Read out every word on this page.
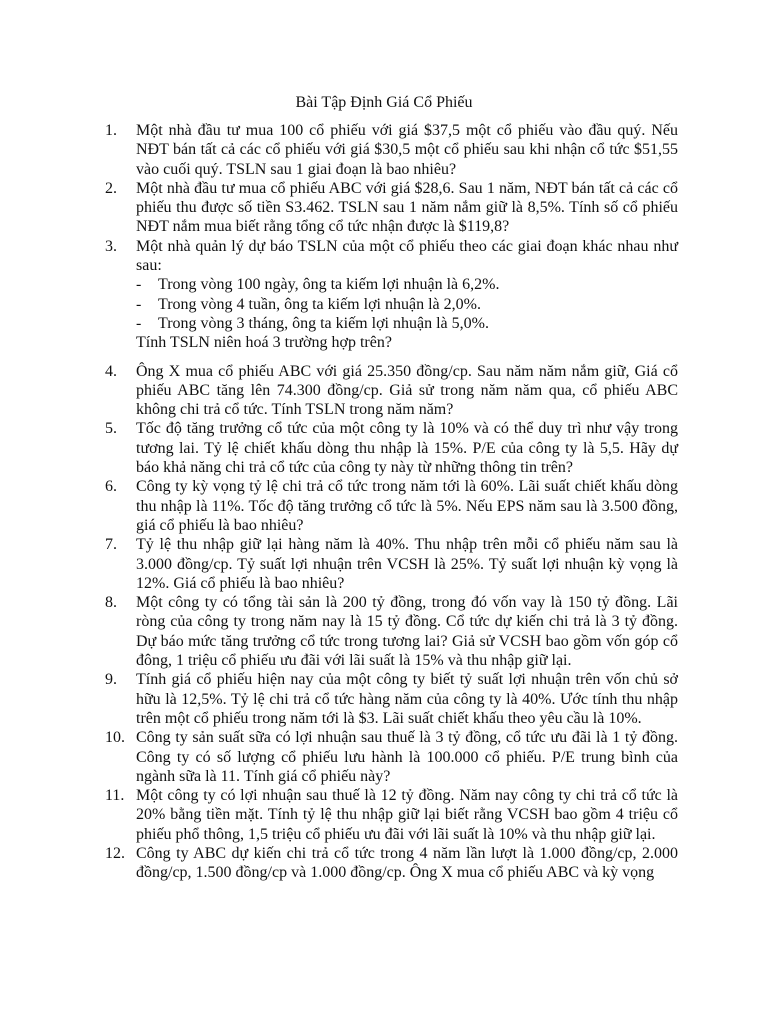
Bài Tập Định Giá Cổ Phiếu
1.	Một nhà đầu tư mua 100 cổ phiếu với giá $37,5 một cổ phiếu vào đầu quý. Nếu NĐT bán tất cả các cổ phiếu với giá $30,5 một cổ phiếu sau khi nhận cổ tức $51,55 vào cuối quý. TSLN sau 1 giai đoạn là bao nhiêu?
2.	Một nhà đầu tư mua cổ phiếu ABC với giá $28,6. Sau 1 năm, NĐT bán tất cả các cổ phiếu thu được số tiền S3.462. TSLN sau 1 năm nắm giữ là 8,5%. Tính số cổ phiếu NĐT nắm mua biết rằng tổng cổ tức nhận được là $119,8?
3.	Một nhà quản lý dự báo TSLN của một cổ phiếu theo các giai đoạn khác nhau như sau:
- Trong vòng 100 ngày, ông ta kiếm lợi nhuận là 6,2%.
- Trong vòng 4 tuần, ông ta kiếm lợi nhuận là 2,0%.
- Trong vòng 3 tháng, ông ta kiếm lợi nhuận là 5,0%.
Tính TSLN niên hoá 3 trường hợp trên?
4.	Ông X mua cổ phiếu ABC với giá 25.350 đồng/cp. Sau năm năm nắm giữ, Giá cổ phiếu ABC tăng lên 74.300 đồng/cp. Giả sử trong năm năm qua, cổ phiếu ABC không chi trả cổ tức. Tính TSLN trong năm năm?
5.	Tốc độ tăng trưởng cổ tức của một công ty là 10% và có thể duy trì như vậy trong tương lai. Tỷ lệ chiết khấu dòng thu nhập là 15%. P/E của công ty là 5,5. Hãy dự báo khả năng chi trả cổ tức của công ty này từ những thông tin trên?
6.	Công ty kỳ vọng tỷ lệ chi trả cổ tức trong năm tới là 60%. Lãi suất chiết khấu dòng thu nhập là 11%. Tốc độ tăng trưởng cổ tức là 5%. Nếu EPS năm sau là 3.500 đồng, giá cổ phiếu là bao nhiêu?
7.	Tỷ lệ thu nhập giữ lại hàng năm là 40%. Thu nhập trên mỗi cổ phiếu năm sau là 3.000 đồng/cp. Tỷ suất lợi nhuận trên VCSH là 25%. Tỷ suất lợi nhuận kỳ vọng là 12%. Giá cổ phiếu là bao nhiêu?
8.	Một công ty có tổng tài sản là 200 tỷ đồng, trong đó vốn vay là 150 tỷ đồng. Lãi ròng của công ty trong năm nay là 15 tỷ đồng. Cổ tức dự kiến chi trả là 3 tỷ đồng. Dự báo mức tăng trưởng cổ tức trong tương lai? Giả sử VCSH bao gồm vốn góp cổ đông, 1 triệu cổ phiếu ưu đãi với lãi suất là 15% và thu nhập giữ lại.
9.	Tính giá cổ phiếu hiện nay của một công ty biết tỷ suất lợi nhuận trên vốn chủ sở hữu là 12,5%. Tỷ lệ chi trả cổ tức hàng năm của công ty là 40%. Ước tính thu nhập trên một cổ phiếu trong năm tới là $3. Lãi suất chiết khấu theo yêu cầu là 10%.
10. Công ty sản suất sữa có lợi nhuận sau thuế là 3 tỷ đồng, cổ tức ưu đãi là 1 tỷ đồng. Công ty có số lượng cổ phiếu lưu hành là 100.000 cổ phiếu. P/E trung bình của ngành sữa là 11. Tính giá cổ phiếu này?
11. Một công ty có lợi nhuận sau thuế là 12 tỷ đồng. Năm nay công ty chi trả cổ tức là 20% bằng tiền mặt. Tính tỷ lệ thu nhập giữ lại biết rằng VCSH bao gồm 4 triệu cổ phiếu phổ thông, 1,5 triệu cổ phiếu ưu đãi với lãi suất là 10% và thu nhập giữ lại.
12. Công ty ABC dự kiến chi trả cổ tức trong 4 năm lần lượt là 1.000 đồng/cp, 2.000 đồng/cp, 1.500 đồng/cp và 1.000 đồng/cp. Ông X mua cổ phiếu ABC và kỳ vọng
